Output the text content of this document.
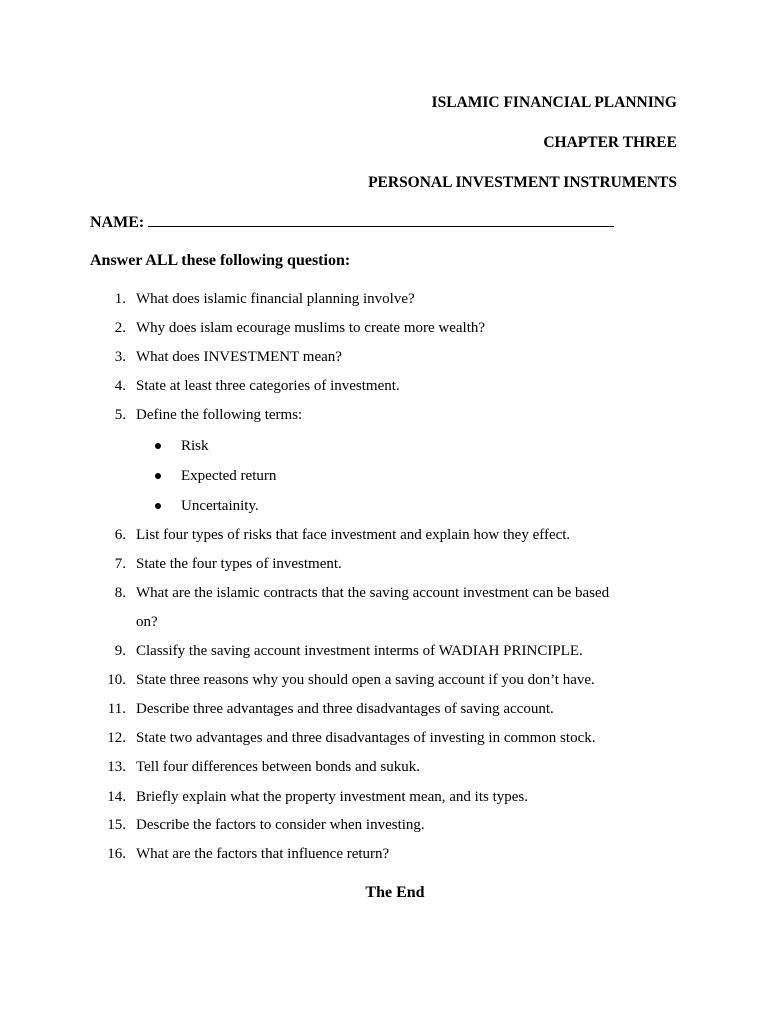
ISLAMIC FINANCIAL PLANNING
CHAPTER THREE
PERSONAL INVESTMENT INSTRUMENTS
NAME:
Answer ALL these following question:
1. What does islamic financial planning involve?
2. Why does islam ecourage muslims to create more wealth?
3. What does INVESTMENT mean?
4. State at least three categories of investment.
5. Define the following terms:
Risk
Expected return
Uncertainity.
6. List four types of risks that face investment and explain how they effect.
7. State the four types of investment.
8. What are the islamic contracts that the saving account investment can be based
on?
9. Classify the saving account investment interms of WADIAH PRINCIPLE.
10. State three reasons why you should open a saving account if you don’t have.
11. Describe three advantages and three disadvantages of saving account.
12. State two advantages and three disadvantages of investing in common stock.
13. Tell four differences between bonds and sukuk.
14. Briefly explain what the property investment mean, and its types.
15. Describe the factors to consider when investing.
16. What are the factors that influence return?
The End
